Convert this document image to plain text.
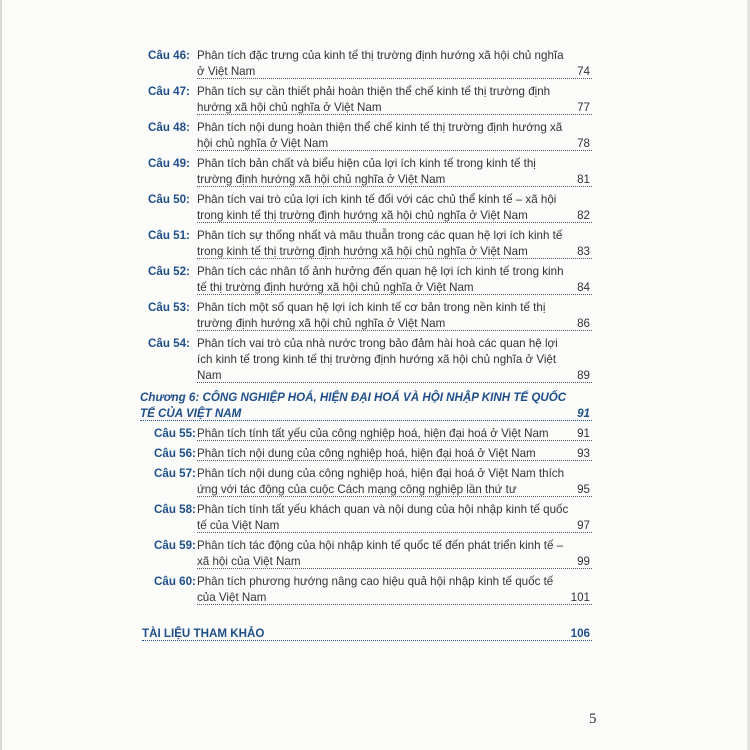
Câu 46: Phân tích đặc trưng của kinh tế thị trường định hướng xã hội chủ nghĩa ở Việt Nam	74
Câu 47: Phân tích sự cần thiết phải hoàn thiện thể chế kinh tế thị trường định hướng xã hội chủ nghĩa ở Việt Nam	77
Câu 48: Phân tích nội dung hoàn thiện thể chế kinh tế thị trường định hướng xã hội chủ nghĩa ở Việt Nam	78
Câu 49: Phân tích bản chất và biểu hiện của lợi ích kinh tế trong kinh tế thị trường định hướng xã hội chủ nghĩa ở Việt Nam	81
Câu 50: Phân tích vai trò của lợi ích kinh tế đối với các chủ thể kinh tế – xã hội trong kinh tế thị trường định hướng xã hội chủ nghĩa ở Việt Nam	82
Câu 51: Phân tích sự thống nhất và mâu thuẫn trong các quan hệ lợi ích kinh tế trong kinh tế thị trường định hướng xã hội chủ nghĩa ở Việt Nam	83
Câu 52: Phân tích các nhân tố ảnh hưởng đến quan hệ lợi ích kinh tế trong kinh tế thị trường định hướng xã hội chủ nghĩa ở Việt Nam	84
Câu 53: Phân tích một số quan hệ lợi ích kinh tế cơ bản trong nền kinh tế thị trường định hướng xã hội chủ nghĩa ở Việt Nam	86
Câu 54: Phân tích vai trò của nhà nước trong bảo đảm hài hoà các quan hệ lợi ích kinh tế trong kinh tế thị trường định hướng xã hội chủ nghĩa ở Việt Nam	89
Chương 6: CÔNG NGHIỆP HOÁ, HIỆN ĐẠI HOÁ VÀ HỘI NHẬP KINH TẾ QUỐC TẾ CỦA VIỆT NAM	91
Câu 55: Phân tích tính tất yếu của công nghiệp hoá, hiện đại hoá ở Việt Nam	91
Câu 56: Phân tích nội dung của công nghiệp hoá, hiện đại hoá ở Việt Nam	93
Câu 57: Phân tích nội dung của công nghiệp hoá, hiện đại hoá ở Việt Nam thích ứng với tác động của cuộc Cách mạng công nghiệp lần thứ tư	95
Câu 58: Phân tích tính tất yếu khách quan và nội dung của hội nhập kinh tế quốc tế của Việt Nam	97
Câu 59: Phân tích tác động của hội nhập kinh tế quốc tế đến phát triển kinh tế – xã hội của Việt Nam	99
Câu 60: Phân tích phương hướng nâng cao hiệu quả hội nhập kinh tế quốc tế của Việt Nam	101
TÀI LIỆU THAM KHẢO	106
5
